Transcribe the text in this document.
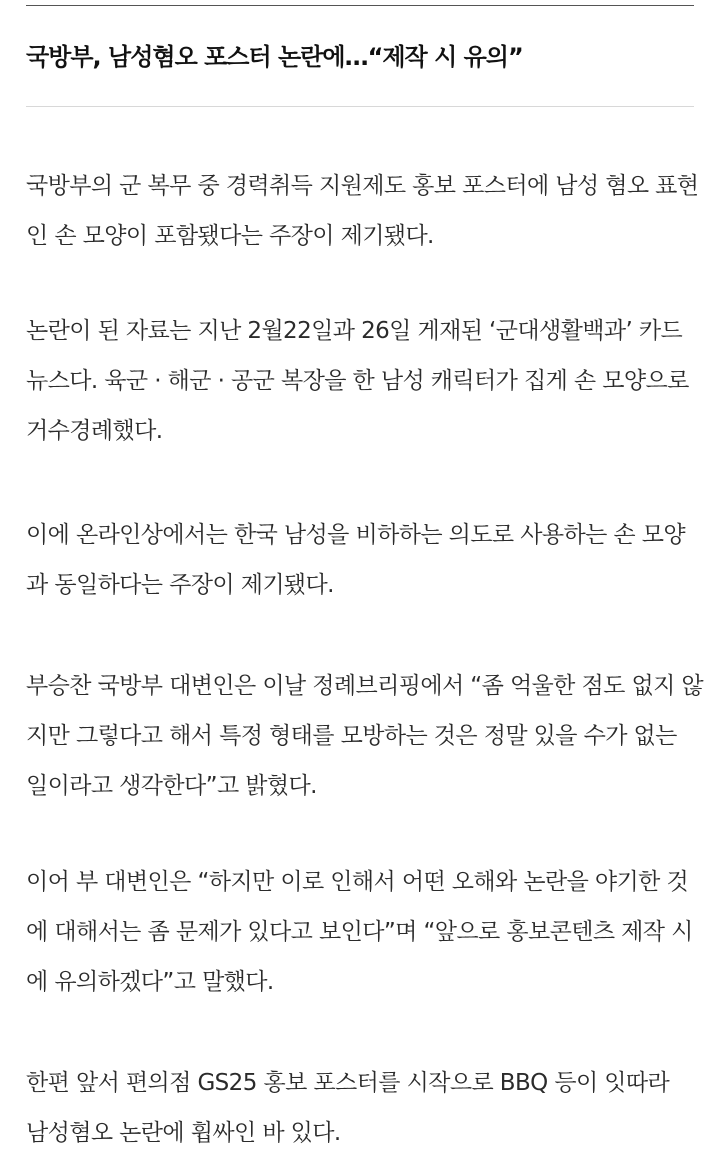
국방부, 남성혐오 포스터 논란에…“제작 시 유의”

국방부의 군 복무 중 경력취득 지원제도 홍보 포스터에 남성 혐오 표현
인 손 모양이 포함됐다는 주장이 제기됐다.

논란이 된 자료는 지난 2월22일과 26일 게재된 ‘군대생활백과’ 카드
뉴스다. 육군 · 해군 · 공군 복장을 한 남성 캐릭터가 집게 손 모양으로
거수경례했다.

이에 온라인상에서는 한국 남성을 비하하는 의도로 사용하는 손 모양
과 동일하다는 주장이 제기됐다.

부승찬 국방부 대변인은 이날 정례브리핑에서 “좀 억울한 점도 없지 않
지만 그렇다고 해서 특정 형태를 모방하는 것은 정말 있을 수가 없는
일이라고 생각한다”고 밝혔다.

이어 부 대변인은 “하지만 이로 인해서 어떤 오해와 논란을 야기한 것
에 대해서는 좀 문제가 있다고 보인다”며 “앞으로 홍보콘텐츠 제작 시
에 유의하겠다”고 말했다.

한편 앞서 편의점 GS25 홍보 포스터를 시작으로 BBQ 등이 잇따라
남성혐오 논란에 휩싸인 바 있다.
